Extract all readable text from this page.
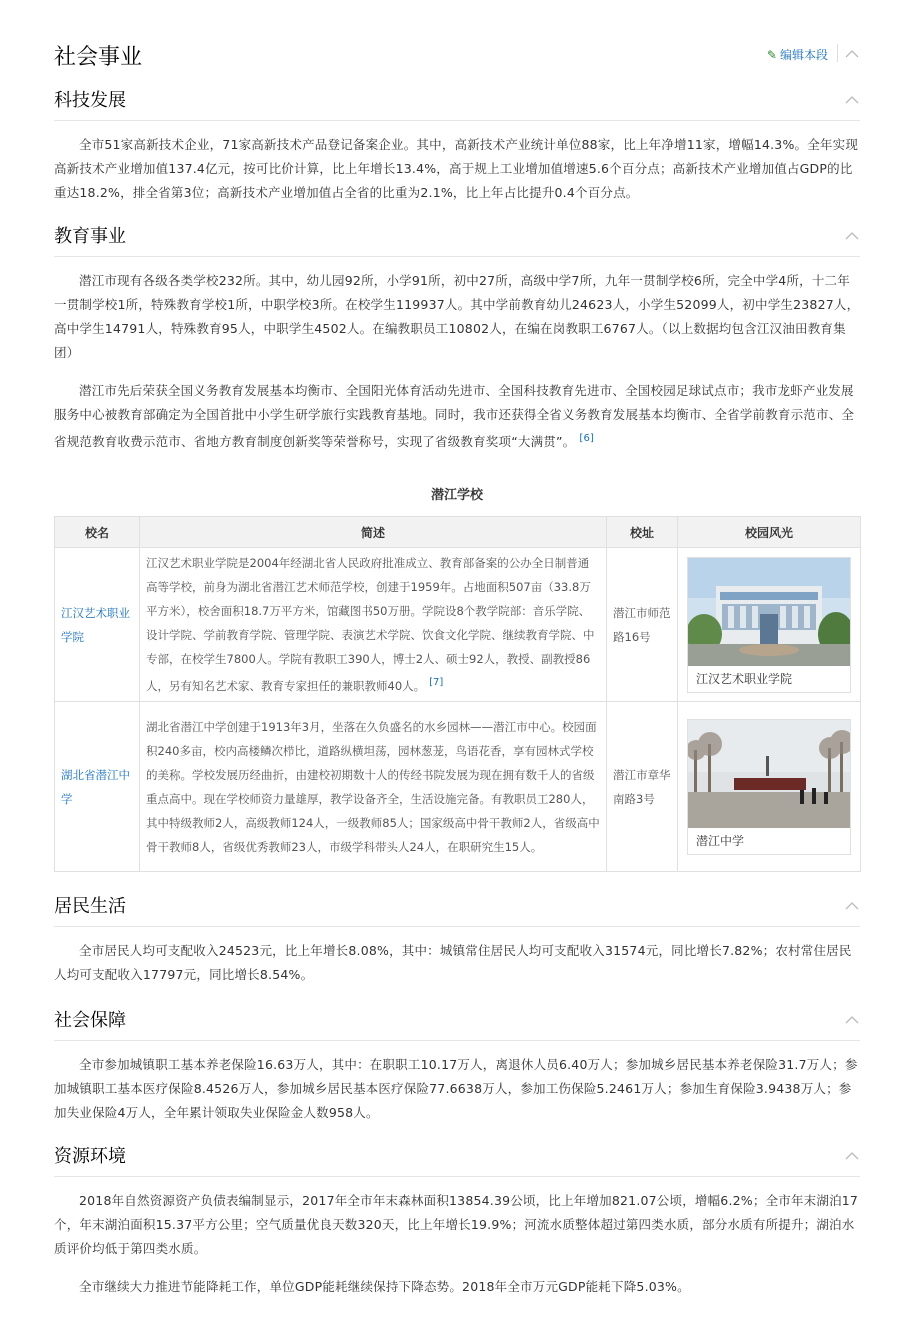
社会事业	✎ 编辑本段
科技发展

全市51家高新技术企业，71家高新技术产品登记备案企业。其中，高新技术产业统计单位88家，比上年净增11家，增幅14.3%。全年实现高新技术产业增加值137.4亿元，按可比价计算，比上年增长13.4%，高于规上工业增加值增速5.6个百分点；高新技术产业增加值占GDP的比重达18.2%，排全省第3位；高新技术产业增加值占全省的比重为2.1%，比上年占比提升0.4个百分点。

教育事业

潜江市现有各级各类学校232所。其中，幼儿园92所，小学91所，初中27所，高级中学7所，九年一贯制学校6所，完全中学4所，十二年一贯制学校1所，特殊教育学校1所，中职学校3所。在校学生119937人。其中学前教育幼儿24623人，小学生52099人，初中学生23827人，高中学生14791人，特殊教育95人，中职学生4502人。在编教职员工10802人，在编在岗教职工6767人。（以上数据均包含江汉油田教育集团）

潜江市先后荣获全国义务教育发展基本均衡市、全国阳光体育活动先进市、全国科技教育先进市、全国校园足球试点市；我市龙虾产业发展服务中心被教育部确定为全国首批中小学生研学旅行实践教育基地。同时，我市还获得全省义务教育发展基本均衡市、全省学前教育示范市、全省规范教育收费示范市、省地方教育制度创新奖等荣誉称号，实现了省级教育奖项“大满贯”。 [6]

潜江学校
校名	简述	校址	校园风光
江汉艺术职业学院	江汉艺术职业学院是2004年经湖北省人民政府批准成立、教育部备案的公办全日制普通高等学校，前身为湖北省潜江艺术师范学校，创建于1959年。占地面积507亩（33.8万平方米），校舍面积18.7万平方米，馆藏图书50万册。学院设8个教学院部：音乐学院、设计学院、学前教育学院、管理学院、表演艺术学院、饮食文化学院、继续教育学院、中专部，在校学生7800人。学院有教职工390人，博士2人、硕士92人，教授、副教授86人，另有知名艺术家、教育专家担任的兼职教师40人。 [7]	潜江市师范路16号	江汉艺术职业学院

湖北省潜江中学	湖北省潜江中学创建于1913年3月，坐落在久负盛名的水乡园林——潜江市中心。校园面积240多亩，校内高楼鳞次栉比，道路纵横坦荡，园林葱茏，鸟语花香，享有园林式学校的美称。学校发展历经曲折，由建校初期数十人的传经书院发展为现在拥有数千人的省级重点高中。现在学校师资力量雄厚，教学设备齐全，生活设施完备。有教职员工280人，其中特级教师2人，高级教师124人，一级教师85人；国家级高中骨干教师2人，省级高中骨干教师8人，省级优秀教师23人，市级学科带头人24人，在职研究生15人。	潜江市章华南路3号	潜江中学
居民生活

全市居民人均可支配收入24523元，比上年增长8.08%，其中：城镇常住居民人均可支配收入31574元，同比增长7.82%；农村常住居民人均可支配收入17797元，同比增长8.54%。

社会保障

全市参加城镇职工基本养老保险16.63万人，其中：在职职工10.17万人，离退休人员6.40万人；参加城乡居民基本养老保险31.7万人；参加城镇职工基本医疗保险8.4526万人，参加城乡居民基本医疗保险77.6638万人，参加工伤保险5.2461万人；参加生育保险3.9438万人；参加失业保险4万人，全年累计领取失业保险金人数958人。

资源环境

2018年自然资源资产负债表编制显示，2017年全市年末森林面积13854.39公顷，比上年增加821.07公顷，增幅6.2%；全市年末湖泊17个，年末湖泊面积15.37平方公里；空气质量优良天数320天，比上年增长19.9%；河流水质整体超过第四类水质，部分水质有所提升；湖泊水质评价均低于第四类水质。

全市继续大力推进节能降耗工作，单位GDP能耗继续保持下降态势。2018年全市万元GDP能耗下降5.03%。
